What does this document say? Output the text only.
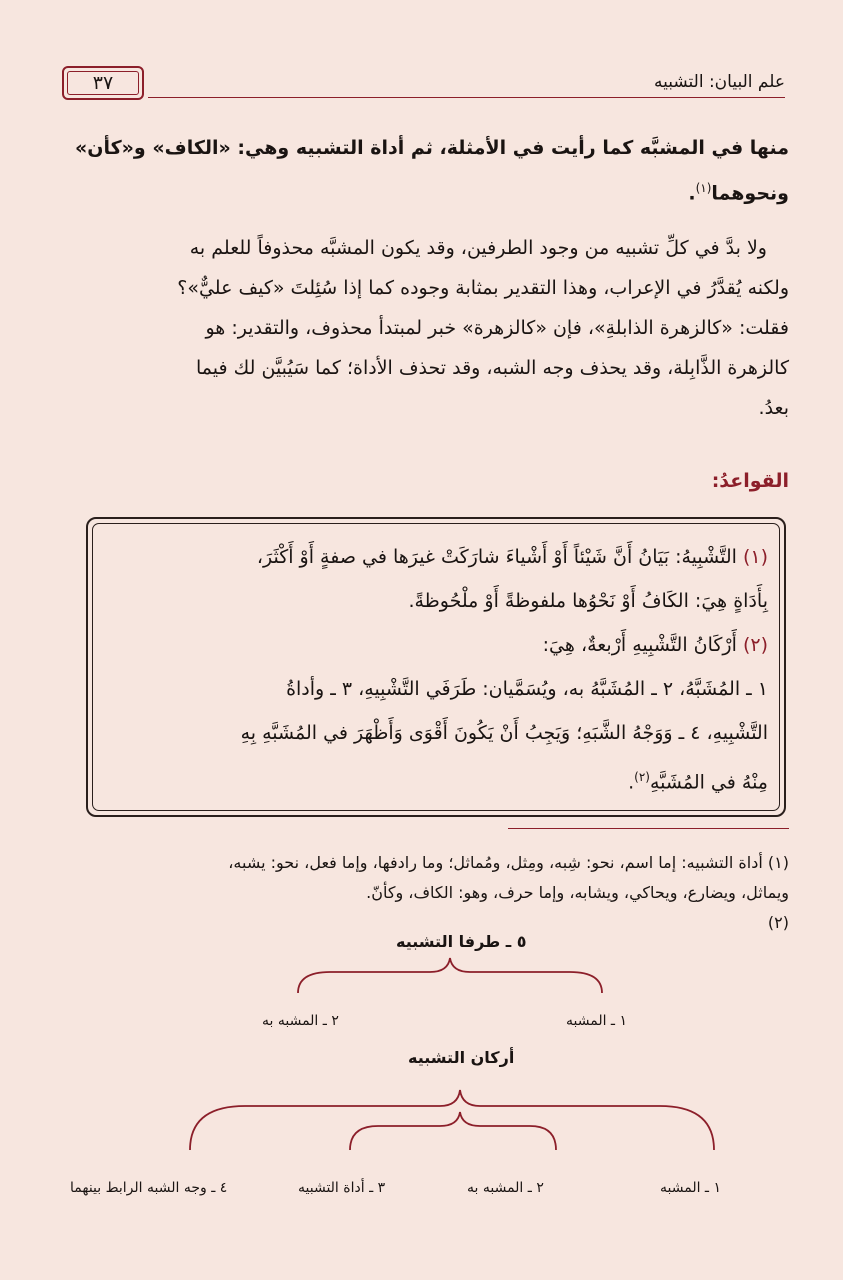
٣٧	علم البيان: التشبيه
منها في المشبَّه كما رأيت في الأمثلة، ثم أداة التشبيه وهي: «الكاف» و«كأن»
ونحوهما$^{(١)}$.
ولا بدَّ في كلِّ تشبيه من وجود الطرفين، وقد يكون المشبَّه محذوفاً للعلم به
ولكنه يُقدَّرُ في الإعراب، وهذا التقدير بمثابة وجوده كما إذا سُئِلتَ «كيف عليٌّ»؟
فقلت: «كالزهرة الذابلةِ»، فإن «كالزهرة» خبر لمبتدأ محذوف، والتقدير: هو
كالزهرة الذَّابِلة، وقد يحذف وجه الشبه، وقد تحذف الأداة؛ كما سَيُبيَّن لك فيما
بعدُ.
القواعدُ:
(١) التَّشْبِيهُ: بَيَانُ أَنَّ شَيْئاً أَوْ أَشْياءَ شارَكَتْ غيرَها في صفةٍ أَوْ أَكْثَرَ،
بِأَدَاةٍ هِيَ: الكَافُ أَوْ نَحْوُها ملفوظةً أَوْ ملْحُوظةً.
(٢) أَرْكَانُ التَّشْبِيهِ أَرْبعةٌ، هِيَ:
١ ـ المُشَبَّهُ، ٢ ـ المُشَبَّهُ به، ويُسَمَّيان: طَرَفَي التَّشْبِيهِ، ٣ ـ وأداةُ
التَّشْبِيهِ، ٤ ـ وَوَجْهُ الشَّبَهِ؛ وَيَجِبُ أَنْ يَكُونَ أَقْوَى وَأَظْهَرَ في المُشَبَّهِ بِهِ
مِنْهُ في المُشَبَّهِ$^{(٢)}$.
(١) أداة التشبيه: إما اسم، نحو: شِبه، ومِثل، ومُماثل؛ وما رادفها، وإما فعل، نحو: يشبه،
ويماثل، ويضارع، ويحاكي، ويشابه، وإما حرف، وهو: الكاف، وكأنّ.
(٢)
٥ ـ طرفا التشبيه
٢ ـ المشبه به	١ ـ المشبه
أركان التشبيه
١ ـ المشبه
٢ ـ المشبه به
٣ ـ أداة التشبيه
٤ ـ وجه الشبه الرابط بينهما
